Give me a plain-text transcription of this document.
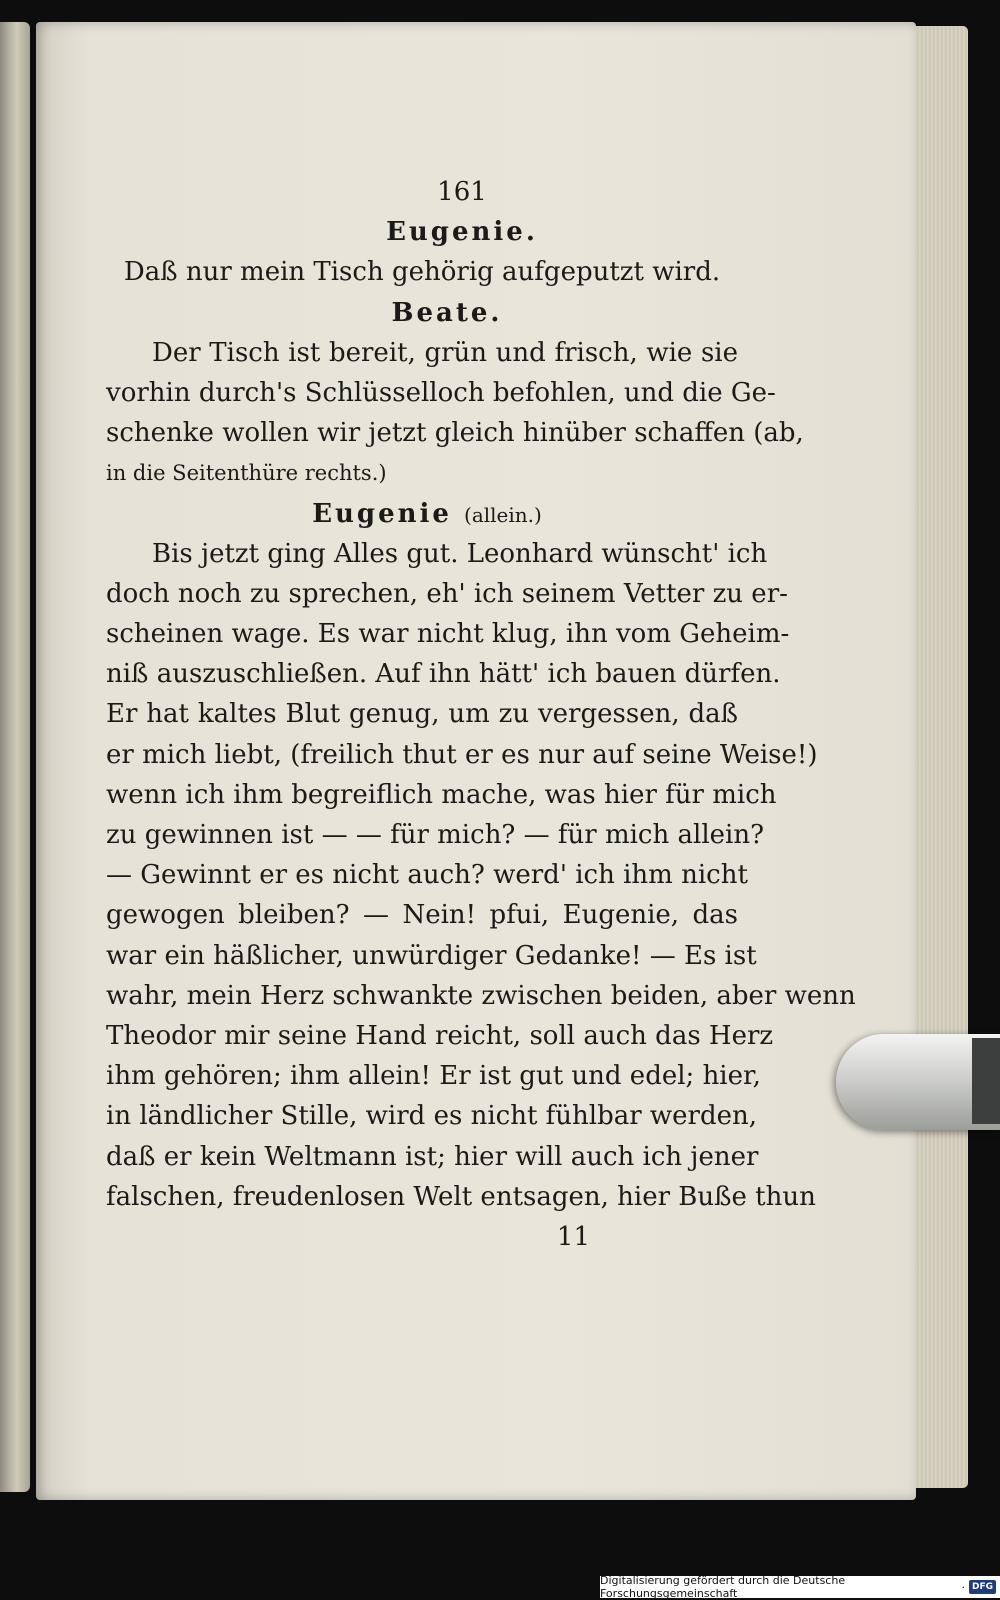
161
Eugenie.
Daß nur mein Tisch gehörig aufgeputzt wird.
Beate.
Der Tisch ist bereit, grün und frisch, wie sie
vorhin durch's Schlüsselloch befohlen, und die Ge-
schenke wollen wir jetzt gleich hinüber schaffen (ab,
in die Seitenthüre rechts.)
Eugenie (allein.)
Bis jetzt ging Alles gut. Leonhard wünscht' ich
doch noch zu sprechen, eh' ich seinem Vetter zu er-
scheinen wage. Es war nicht klug, ihn vom Geheim-
niß auszuschließen. Auf ihn hätt' ich bauen dürfen.
Er hat kaltes Blut genug, um zu vergessen, daß
er mich liebt, (freilich thut er es nur auf seine Weise!)
wenn ich ihm begreiflich mache, was hier für mich
zu gewinnen ist — — für mich? — für mich allein?
— Gewinnt er es nicht auch? werd' ich ihm nicht
gewogen bleiben? — Nein! pfui, Eugenie, das
war ein häßlicher, unwürdiger Gedanke! — Es ist
wahr, mein Herz schwankte zwischen beiden, aber wenn
Theodor mir seine Hand reicht, soll auch das Herz
ihm gehören; ihm allein! Er ist gut und edel; hier,
in ländlicher Stille, wird es nicht fühlbar werden,
daß er kein Weltmann ist; hier will auch ich jener
falschen, freudenlosen Welt entsagen, hier Buße thun
11
Digitalisierung gefördert durch die Deutsche Forschungsgemeinschaft	· DFG
